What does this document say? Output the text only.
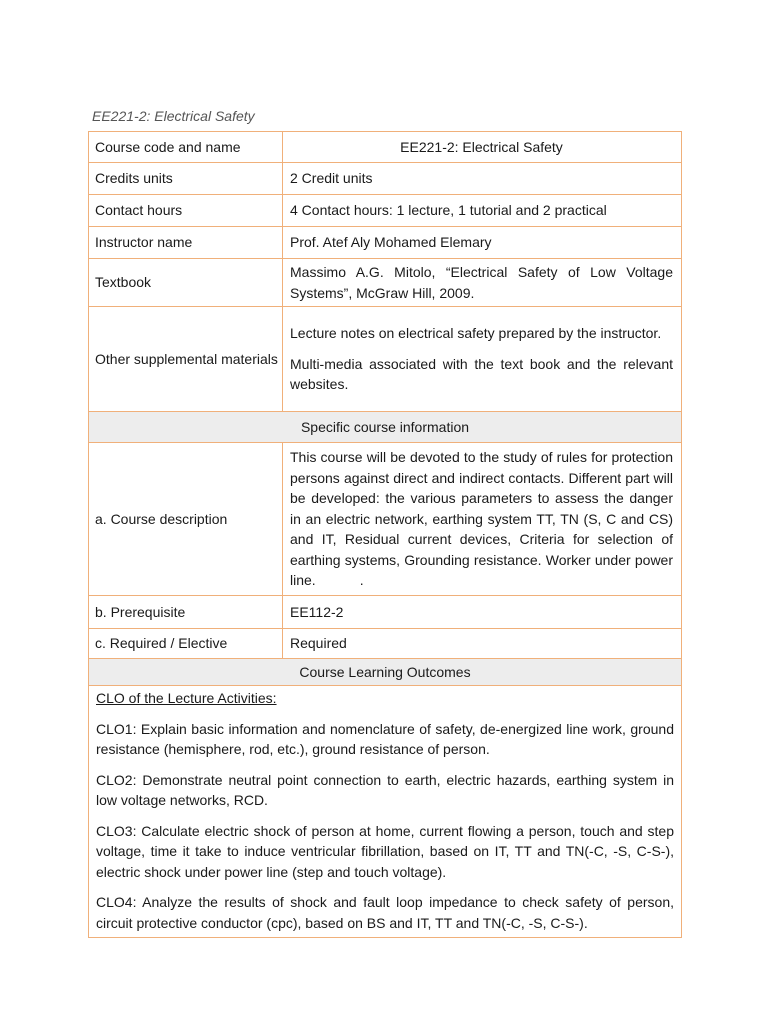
EE221-2: Electrical Safety
Course code and name	EE221-2: Electrical Safety
Credits units	2 Credit units
Contact hours	4 Contact hours: 1 lecture, 1 tutorial and 2 practical
Instructor name	Prof. Atef Aly Mohamed Elemary
Textbook	Massimo A.G. Mitolo, “Electrical Safety of Low Voltage Systems”, McGraw Hill, 2009.
Other supplemental materials	Lecture notes on electrical safety prepared by the instructor.

Multi-media associated with the text book and the relevant websites.

Specific course information	
a. Course description	This course will be devoted to the study of rules for protection persons against direct and indirect contacts. Different part will be developed: the various parameters to assess the danger in an electric network, earthing system TT, TN (S, C and CS) and IT, Residual current devices, Criteria for selection of earthing systems, Grounding resistance. Worker under power line. .
b. Prerequisite	EE112-2
c. Required / Elective	Required
Course Learning Outcomes	

CLO of the Lecture Activities:

CLO1: Explain basic information and nomenclature of safety, de-energized line work, ground resistance (hemisphere, rod, etc.), ground resistance of person.

CLO2: Demonstrate neutral point connection to earth, electric hazards, earthing system in low voltage networks, RCD.

CLO3: Calculate electric shock of person at home, current flowing a person, touch and step voltage, time it take to induce ventricular fibrillation, based on IT, TT and TN(-C, -S, C-S-), electric shock under power line (step and touch voltage).

CLO4: Analyze the results of shock and fault loop impedance to check safety of person, circuit protective conductor (cpc), based on BS and IT, TT and TN(-C, -S, C-S-).	
